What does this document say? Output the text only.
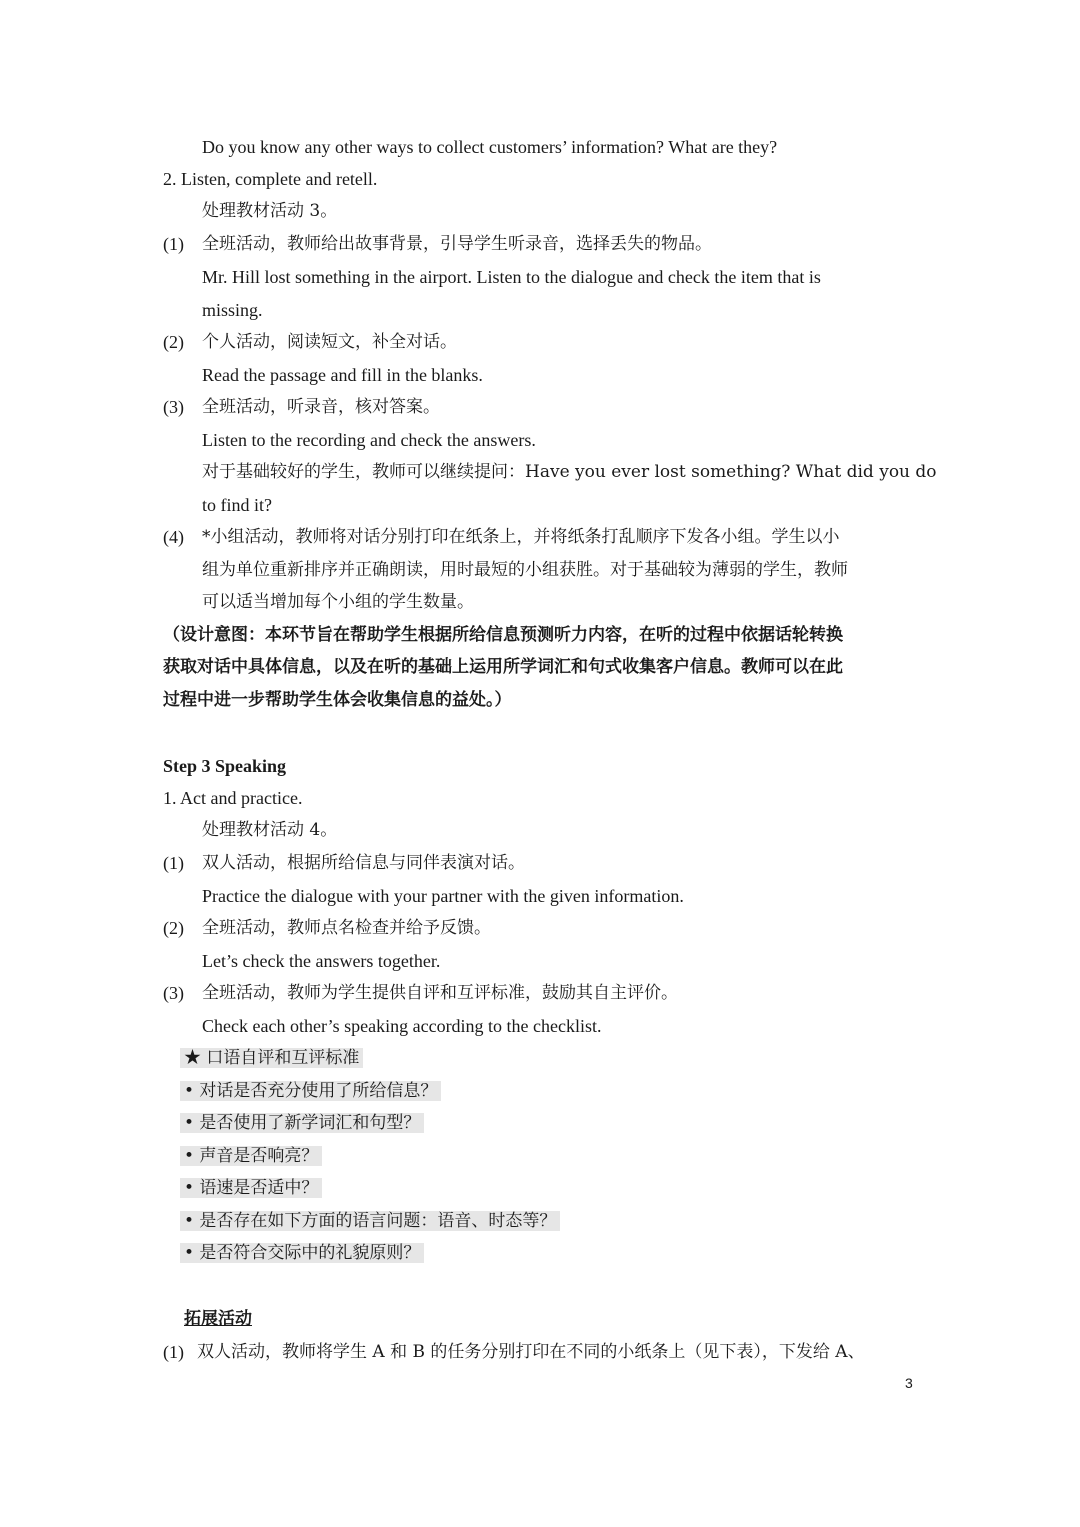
Do you know any other ways to collect customers’ information? What are they?
2. Listen, complete and retell.
处理教材活动 3。
(1) 全班活动，教师给出故事背景，引导学生听录音，选择丢失的物品。
Mr. Hill lost something in the airport. Listen to the dialogue and check the item that is
missing.
(2) 个人活动，阅读短文，补全对话。
Read the passage and fill in the blanks.
(3) 全班活动，听录音，核对答案。
Listen to the recording and check the answers.
对于基础较好的学生，教师可以继续提问：Have you ever lost something? What did you do
to find it?
(4) *小组活动，教师将对话分别打印在纸条上，并将纸条打乱顺序下发各小组。学生以小
组为单位重新排序并正确朗读，用时最短的小组获胜。对于基础较为薄弱的学生，教师
可以适当增加每个小组的学生数量。
（设计意图：本环节旨在帮助学生根据所给信息预测听力内容，在听的过程中依据话轮转换
获取对话中具体信息，以及在听的基础上运用所学词汇和句式收集客户信息。教师可以在此
过程中进一步帮助学生体会收集信息的益处。）
Step 3 Speaking
1. Act and practice.
处理教材活动 4。
(1) 双人活动，根据所给信息与同伴表演对话。
Practice the dialogue with your partner with the given information.
(2) 全班活动，教师点名检查并给予反馈。
Let’s check the answers together.
(3) 全班活动，教师为学生提供自评和互评标准，鼓励其自主评价。
Check each other’s speaking according to the checklist.
★ 口语自评和互评标准
• 对话是否充分使用了所给信息？
• 是否使用了新学词汇和句型？
• 声音是否响亮？
• 语速是否适中？
• 是否存在如下方面的语言问题：语音、时态等？
• 是否符合交际中的礼貌原则？
拓展活动
(1) 双人活动，教师将学生 A 和 B 的任务分别打印在不同的小纸条上（见下表），下发给 A、
3
